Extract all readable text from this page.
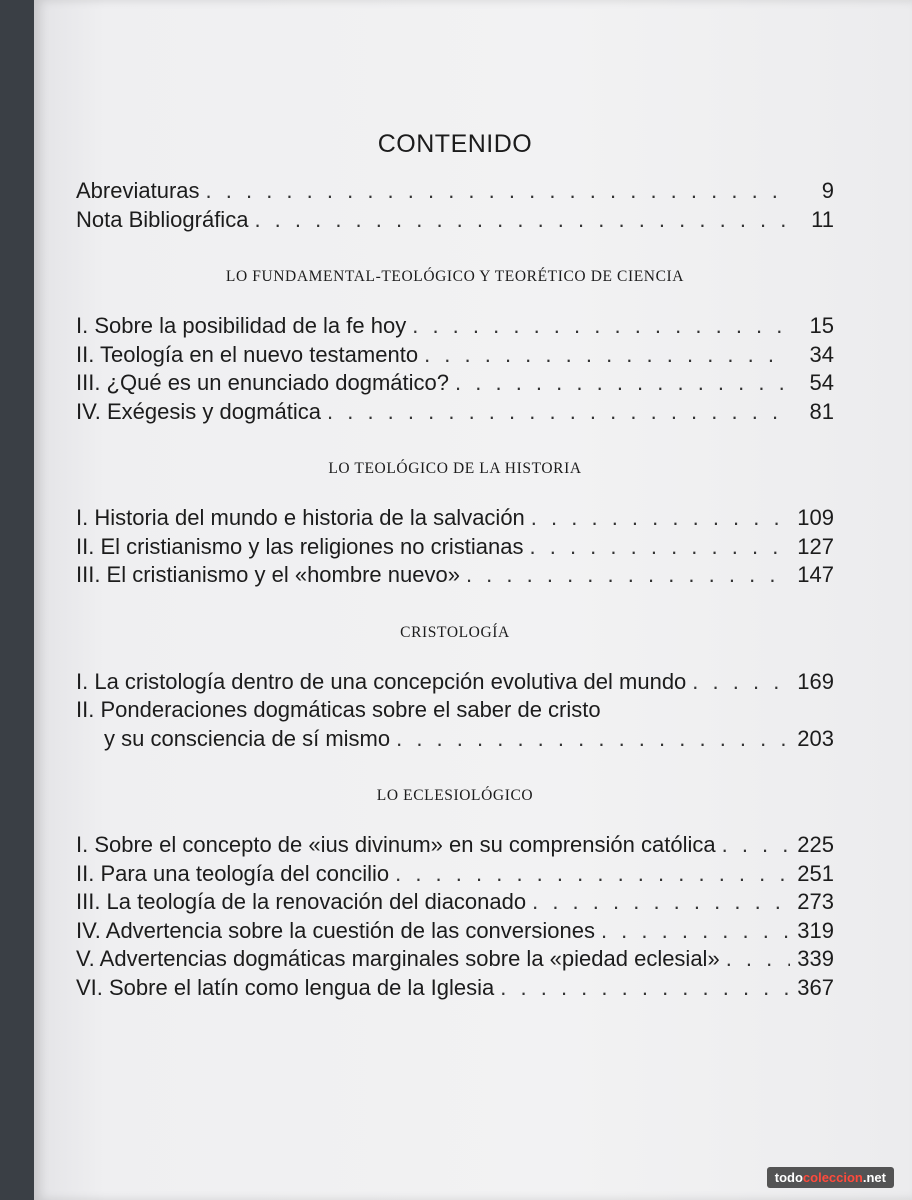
CONTENIDO
Abreviaturas . . .	9
Nota Bibliográfica . . .	11
LO FUNDAMENTAL-TEOLÓGICO Y TEORÉTICO DE CIENCIA
I. Sobre la posibilidad de la fe hoy . . .	15
II. Teología en el nuevo testamento . . .	34
III. ¿Qué es un enunciado dogmático? . . .	54
IV. Exégesis y dogmática . . .	81
LO TEOLÓGICO DE LA HISTORIA
I. Historia del mundo e historia de la salvación . . .	109
II. El cristianismo y las religiones no cristianas . . .	127
III. El cristianismo y el «hombre nuevo» . . .	147
CRISTOLOGÍA
I. La cristología dentro de una concepción evolutiva del mundo . . .	169
II. Ponderaciones dogmáticas sobre el saber de cristo
y su consciencia de sí mismo . . .	203
LO ECLESIOLÓGICO
I. Sobre el concepto de «ius divinum» en su comprensión católica . . .	225
II. Para una teología del concilio . . .	251
III. La teología de la renovación del diaconado . . .	273
IV. Advertencia sobre la cuestión de las conversiones . . .	319
V. Advertencias dogmáticas marginales sobre la «piedad eclesial» . . .	339
VI. Sobre el latín como lengua de la Iglesia . . .	367
todocoleccion.net
